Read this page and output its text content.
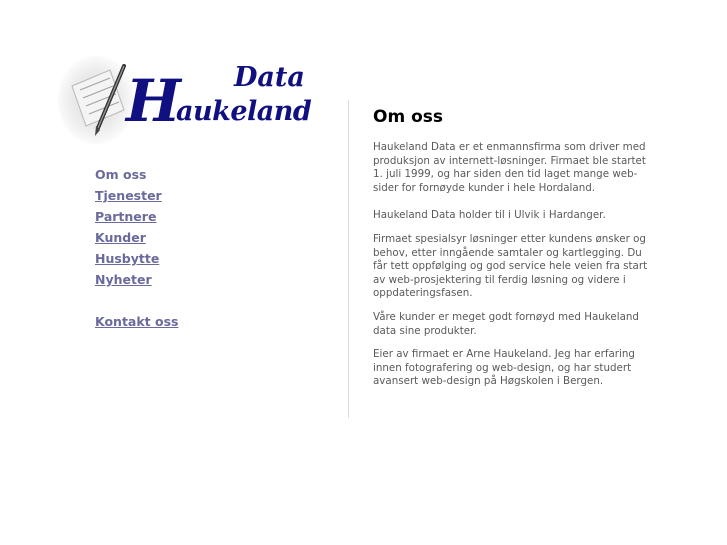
Data
H
aukeland
Om oss
Tjenester
Partnere
Kunder
Husbytte
Nyheter
Kontakt oss
Om oss

Haukeland Data er et enmannsfirma som driver med produksjon av internett-løsninger. Firmaet ble startet 1. juli 1999, og har siden den tid laget mange web-sider for fornøyde kunder i hele Hordaland.

Haukeland Data holder til i Ulvik i Hardanger.

Firmaet spesialsyr løsninger etter kundens ønsker og behov, etter inngående samtaler og kartlegging. Du får tett oppfølging og god service hele veien fra start av web-prosjektering til ferdig løsning og videre i oppdateringsfasen.

Våre kunder er meget godt fornøyd med Haukeland data sine produkter.

Eier av firmaet er Arne Haukeland. Jeg har erfaring innen fotografering og web-design, og har studert avansert web-design på Høgskolen i Bergen.
